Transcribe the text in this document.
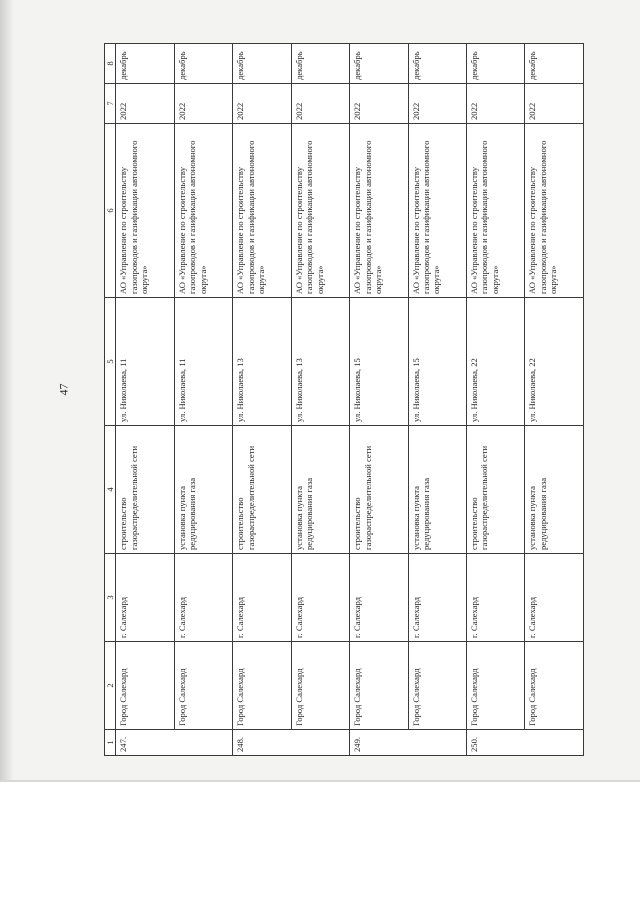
47
1	2	3	4	5	6	7	8
247.	Город Салехард	г. Салехард	строительство газораспределительной сети	ул. Николаева, 11	АО «Управление по строительству газопроводов и газификации автономного округа»	2022	декабрь
	Город Салехард	г. Салехард	установка пункта редуцирования газа	ул. Николаева, 11	АО «Управление по строительству газопроводов и газификации автономного округа»	2022	декабрь
248.	Город Салехард	г. Салехард	строительство газораспределительной сети	ул. Николаева, 13	АО «Управление по строительству газопроводов и газификации автономного округа»	2022	декабрь
	Город Салехард	г. Салехард	установка пункта редуцирования газа	ул. Николаева, 13	АО «Управление по строительству газопроводов и газификации автономного округа»	2022	декабрь
249.	Город Салехард	г. Салехард	строительство газораспределительной сети	ул. Николаева, 15	АО «Управление по строительству газопроводов и газификации автономного округа»	2022	декабрь
	Город Салехард	г. Салехард	установка пункта редуцирования газа	ул. Николаева, 15	АО «Управление по строительству газопроводов и газификации автономного округа»	2022	декабрь
250.	Город Салехард	г. Салехард	строительство газораспределительной сети	ул. Николаева, 22	АО «Управление по строительству газопроводов и газификации автономного округа»	2022	декабрь
	Город Салехард	г. Салехард	установка пункта редуцирования газа	ул. Николаева, 22	АО «Управление по строительству газопроводов и газификации автономного округа»	2022	декабрь
